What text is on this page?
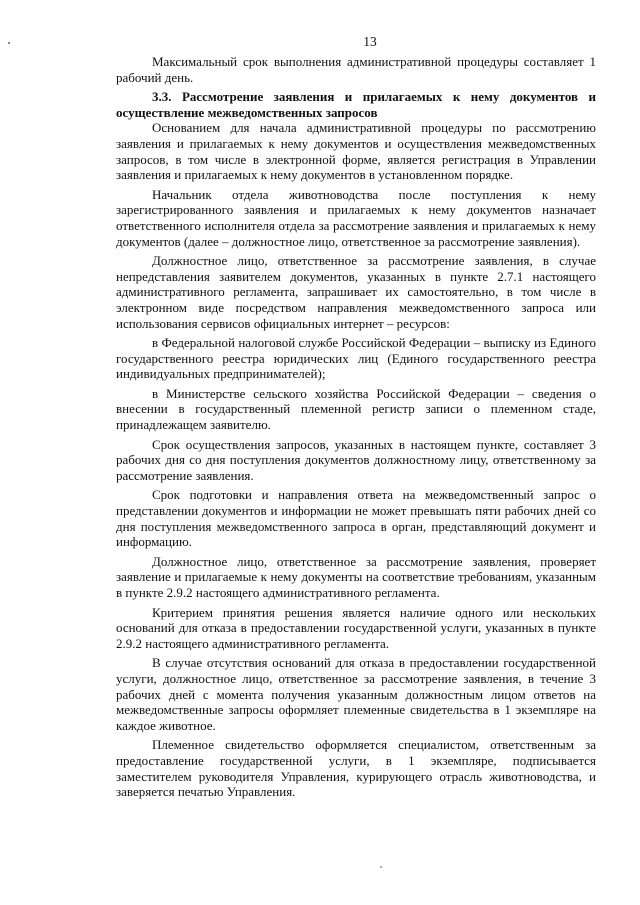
13

Максимальный срок выполнения административной процедуры составляет 1 рабочий день.

3.3. Рассмотрение заявления и прилагаемых к нему документов и осуществление межведомственных запросов

Основанием для начала административной процедуры по рассмотрению заявления и прилагаемых к нему документов и осуществления межведомственных запросов, в том числе в электронной форме, является регистрация в Управлении заявления и прилагаемых к нему документов в установленном порядке.

Начальник отдела животноводства после поступления к нему зарегистрированного заявления и прилагаемых к нему документов назначает ответственного исполнителя отдела за рассмотрение заявления и прилагаемых к нему документов (далее – должностное лицо, ответственное за рассмотрение заявления).

Должностное лицо, ответственное за рассмотрение заявления, в случае непредставления заявителем документов, указанных в пункте 2.7.1 настоящего административного регламента, запрашивает их самостоятельно, в том числе в электронном виде посредством направления межведомственного запроса или использования сервисов официальных интернет – ресурсов:

в Федеральной налоговой службе Российской Федерации – выписку из Единого государственного реестра юридических лиц (Единого государственного реестра индивидуальных предпринимателей);

в Министерстве сельского хозяйства Российской Федерации – сведения о внесении в государственный племенной регистр записи о племенном стаде, принадлежащем заявителю.

Срок осуществления запросов, указанных в настоящем пункте, составляет 3 рабочих дня со дня поступления документов должностному лицу, ответственному за рассмотрение заявления.

Срок подготовки и направления ответа на межведомственный запрос о представлении документов и информации не может превышать пяти рабочих дней со дня поступления межведомственного запроса в орган, представляющий документ и информацию.

Должностное лицо, ответственное за рассмотрение заявления, проверяет заявление и прилагаемые к нему документы на соответствие требованиям, указанным в пункте 2.9.2 настоящего административного регламента.

Критерием принятия решения является наличие одного или нескольких оснований для отказа в предоставлении государственной услуги, указанных в пункте 2.9.2 настоящего административного регламента.

В случае отсутствия оснований для отказа в предоставлении государственной услуги, должностное лицо, ответственное за рассмотрение заявления, в течение 3 рабочих дней с момента получения указанным должностным лицом ответов на межведомственные запросы оформляет племенные свидетельства в 1 экземпляре на каждое животное.

Племенное свидетельство оформляется специалистом, ответственным за предоставление государственной услуги, в 1 экземпляре, подписывается заместителем руководителя Управления, курирующего отрасль животноводства, и заверяется печатью Управления.
